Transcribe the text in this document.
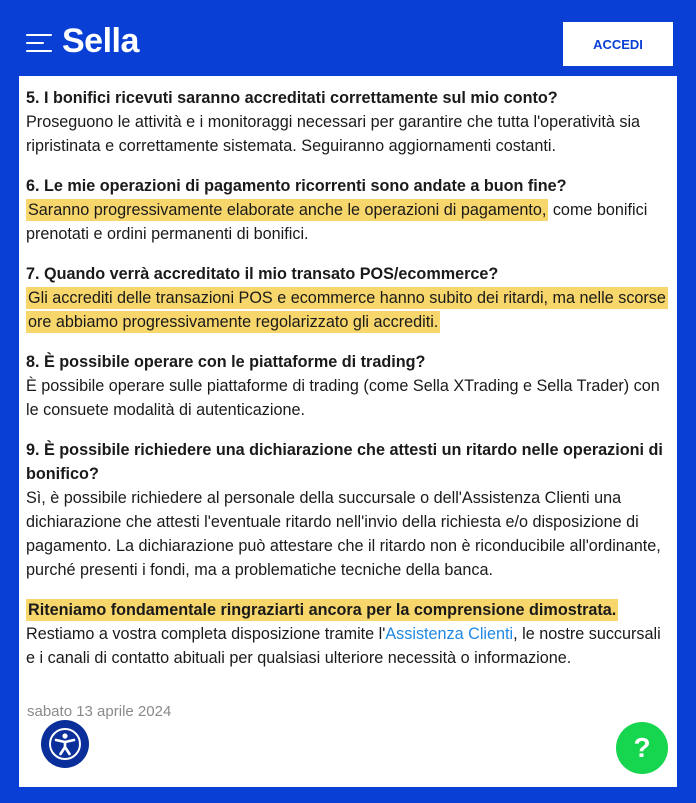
Sella	ACCEDI
5. I bonifici ricevuti saranno accreditati correttamente sul mio conto?

Proseguono le attività e i monitoraggi necessari per garantire che tutta l'operatività sia ripristinata e correttamente sistemata. Seguiranno aggiornamenti costanti.

6. Le mie operazioni di pagamento ricorrenti sono andate a buon fine?

Saranno progressivamente elaborate anche le operazioni di pagamento, come bonifici prenotati e ordini permanenti di bonifici.

7. Quando verrà accreditato il mio transato POS/ecommerce?

Gli accrediti delle transazioni POS e ecommerce hanno subito dei ritardi, ma nelle scorse ore abbiamo progressivamente regolarizzato gli accrediti.

8. È possibile operare con le piattaforme di trading?

È possibile operare sulle piattaforme di trading (come Sella XTrading e Sella Trader) con le consuete modalità di autenticazione.

9. È possibile richiedere una dichiarazione che attesti un ritardo nelle operazioni di bonifico?

Sì, è possibile richiedere al personale della succursale o dell'Assistenza Clienti una dichiarazione che attesti l'eventuale ritardo nell'invio della richiesta e/o disposizione di pagamento. La dichiarazione può attestare che il ritardo non è riconducibile all'ordinante, purché presenti i fondi, ma a problematiche tecniche della banca.

Riteniamo fondamentale ringraziarti ancora per la comprensione dimostrata.

Restiamo a vostra completa disposizione tramite l'Assistenza Clienti, le nostre succursali e i canali di contatto abituali per qualsiasi ulteriore necessità o informazione.

sabato 13 aprile 2024
?
